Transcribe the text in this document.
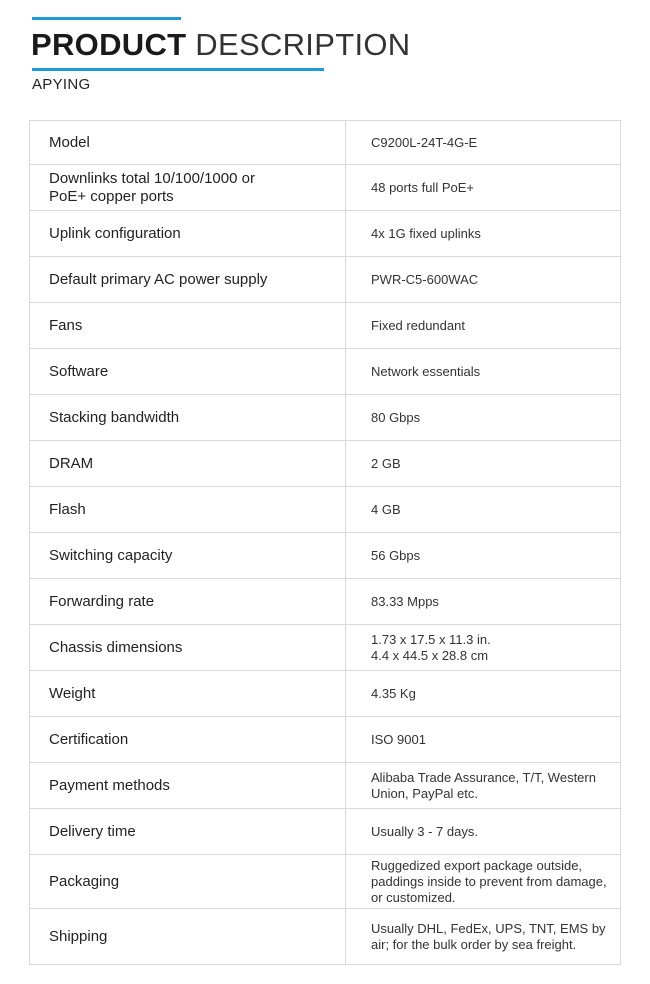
PRODUCT DESCRIPTION
APYING
Model	C9200L-24T-4G-E
Downlinks total 10/100/1000 or
PoE+ copper ports	48 ports full PoE+
Uplink configuration	4x 1G fixed uplinks
Default primary AC power supply	PWR-C5-600WAC
Fans	Fixed redundant
Software	Network essentials
Stacking bandwidth	80 Gbps
DRAM	2 GB
Flash	4 GB
Switching capacity	56 Gbps
Forwarding rate	83.33 Mpps
Chassis dimensions	1.73 x 17.5 x 11.3 in.
4.4 x 44.5 x 28.8 cm
Weight	4.35 Kg
Certification	ISO 9001
Payment methods	Alibaba Trade Assurance, T/T, Western
Union, PayPal etc.
Delivery time	Usually 3 - 7 days.
Packaging	Ruggedized export package outside,
paddings inside to prevent from damage,
or customized.
Shipping	Usually DHL, FedEx, UPS, TNT, EMS by
air; for the bulk order by sea freight.
